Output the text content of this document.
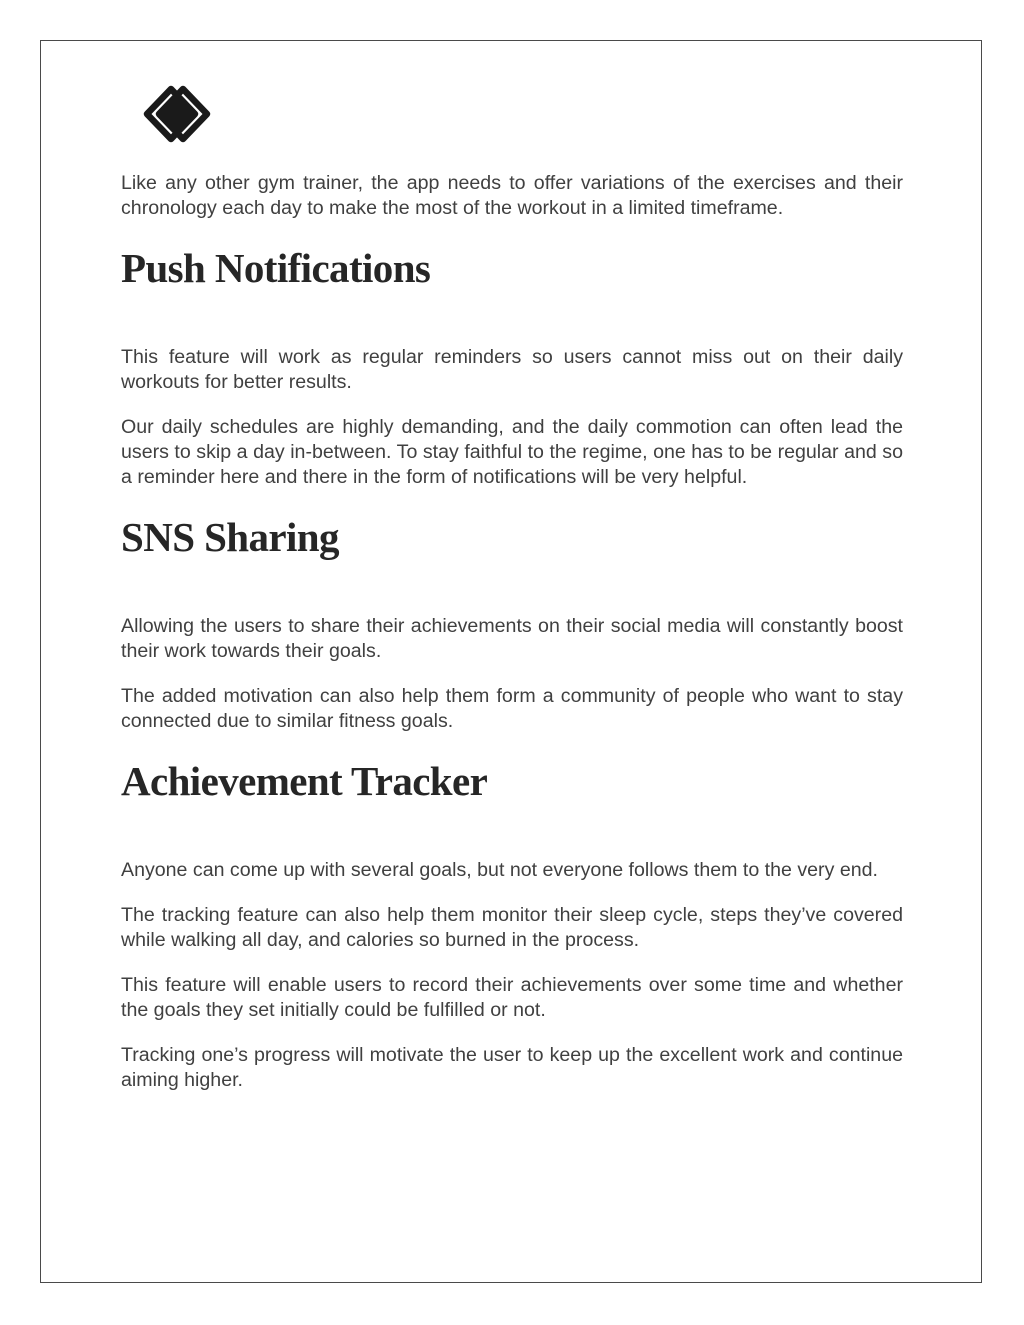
Like any other gym trainer, the app needs to offer variations of the exercises and their chronology each day to make the most of the workout in a limited timeframe.

Push Notifications

This feature will work as regular reminders so users cannot miss out on their daily workouts for better results.

Our daily schedules are highly demanding, and the daily commotion can often lead the users to skip a day in-between. To stay faithful to the regime, one has to be regular and so a reminder here and there in the form of notifications will be very helpful.

SNS Sharing

Allowing the users to share their achievements on their social media will constantly boost their work towards their goals.

The added motivation can also help them form a community of people who want to stay connected due to similar fitness goals.

Achievement Tracker

Anyone can come up with several goals, but not everyone follows them to the very end.

The tracking feature can also help them monitor their sleep cycle, steps they’ve covered while walking all day, and calories so burned in the process.

This feature will enable users to record their achievements over some time and whether the goals they set initially could be fulfilled or not.

Tracking one’s progress will motivate the user to keep up the excellent work and continue aiming higher.
